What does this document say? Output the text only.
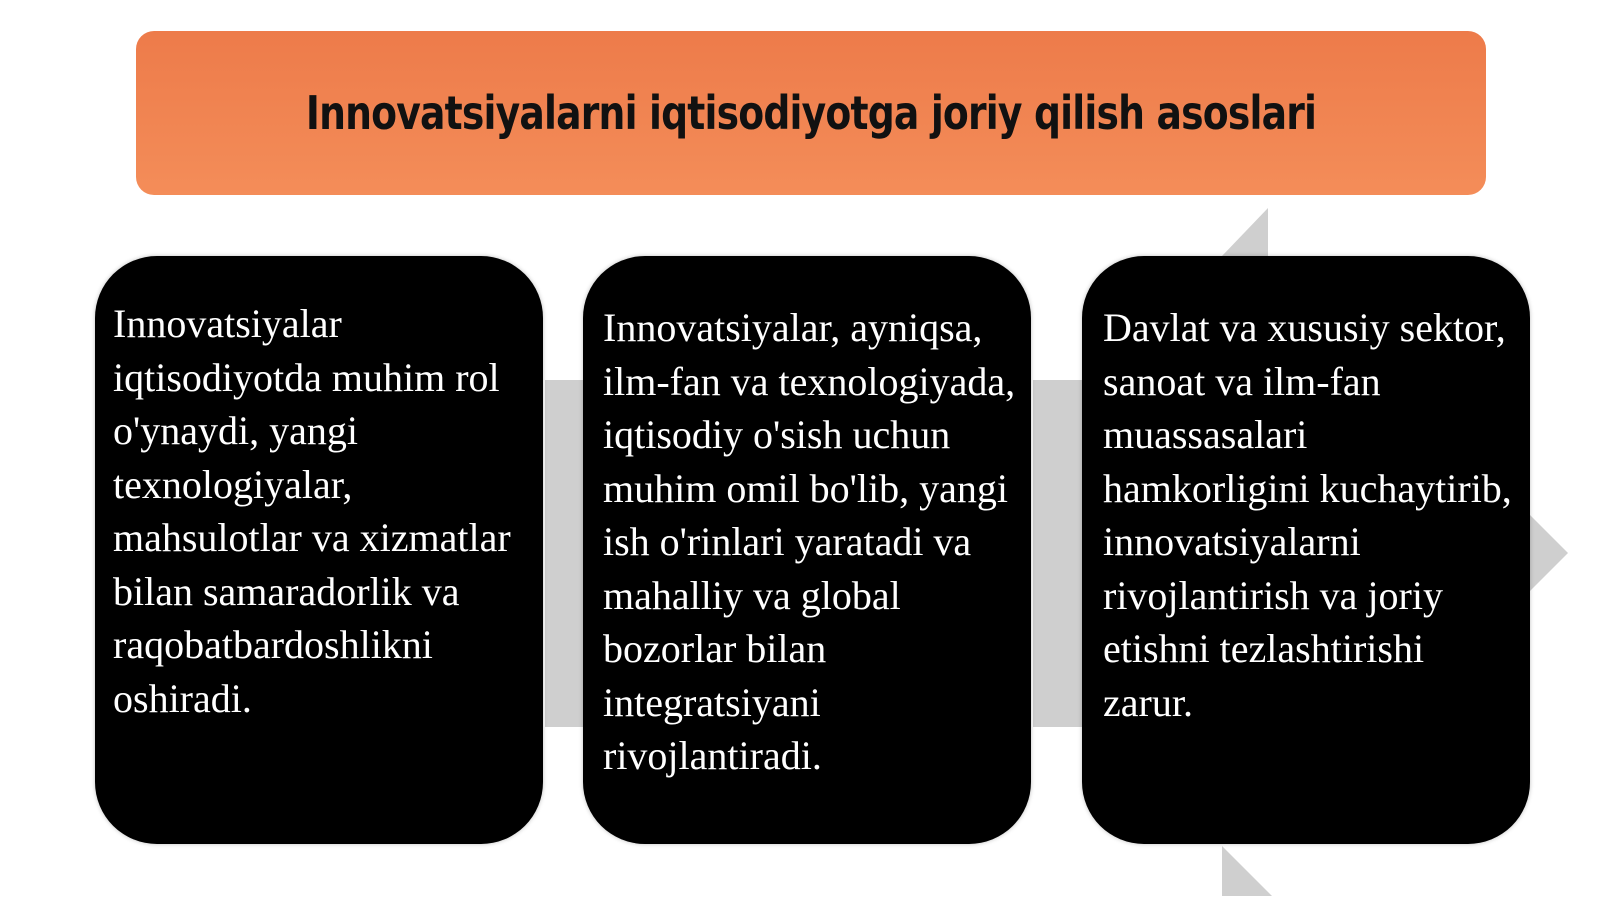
Innovatsiyalarni iqtisodiyotga joriy qilish asoslari

Innovatsiyalar iqtisodiyotda muhim rol o'ynaydi, yangi texnologiyalar, mahsulotlar va xizmatlar bilan samaradorlik va raqobatbardoshlikni oshiradi.

Innovatsiyalar, ayniqsa, ilm-fan va texnologiyada, iqtisodiy o'sish uchun muhim omil bo'lib, yangi ish o'rinlari yaratadi va mahalliy va global bozorlar bilan integratsiyani rivojlantiradi.

Davlat va xususiy sektor, sanoat va ilm-fan muassasalari hamkorligini kuchaytirib, innovatsiyalarni rivojlantirish va joriy etishni tezlashtirishi zarur.
